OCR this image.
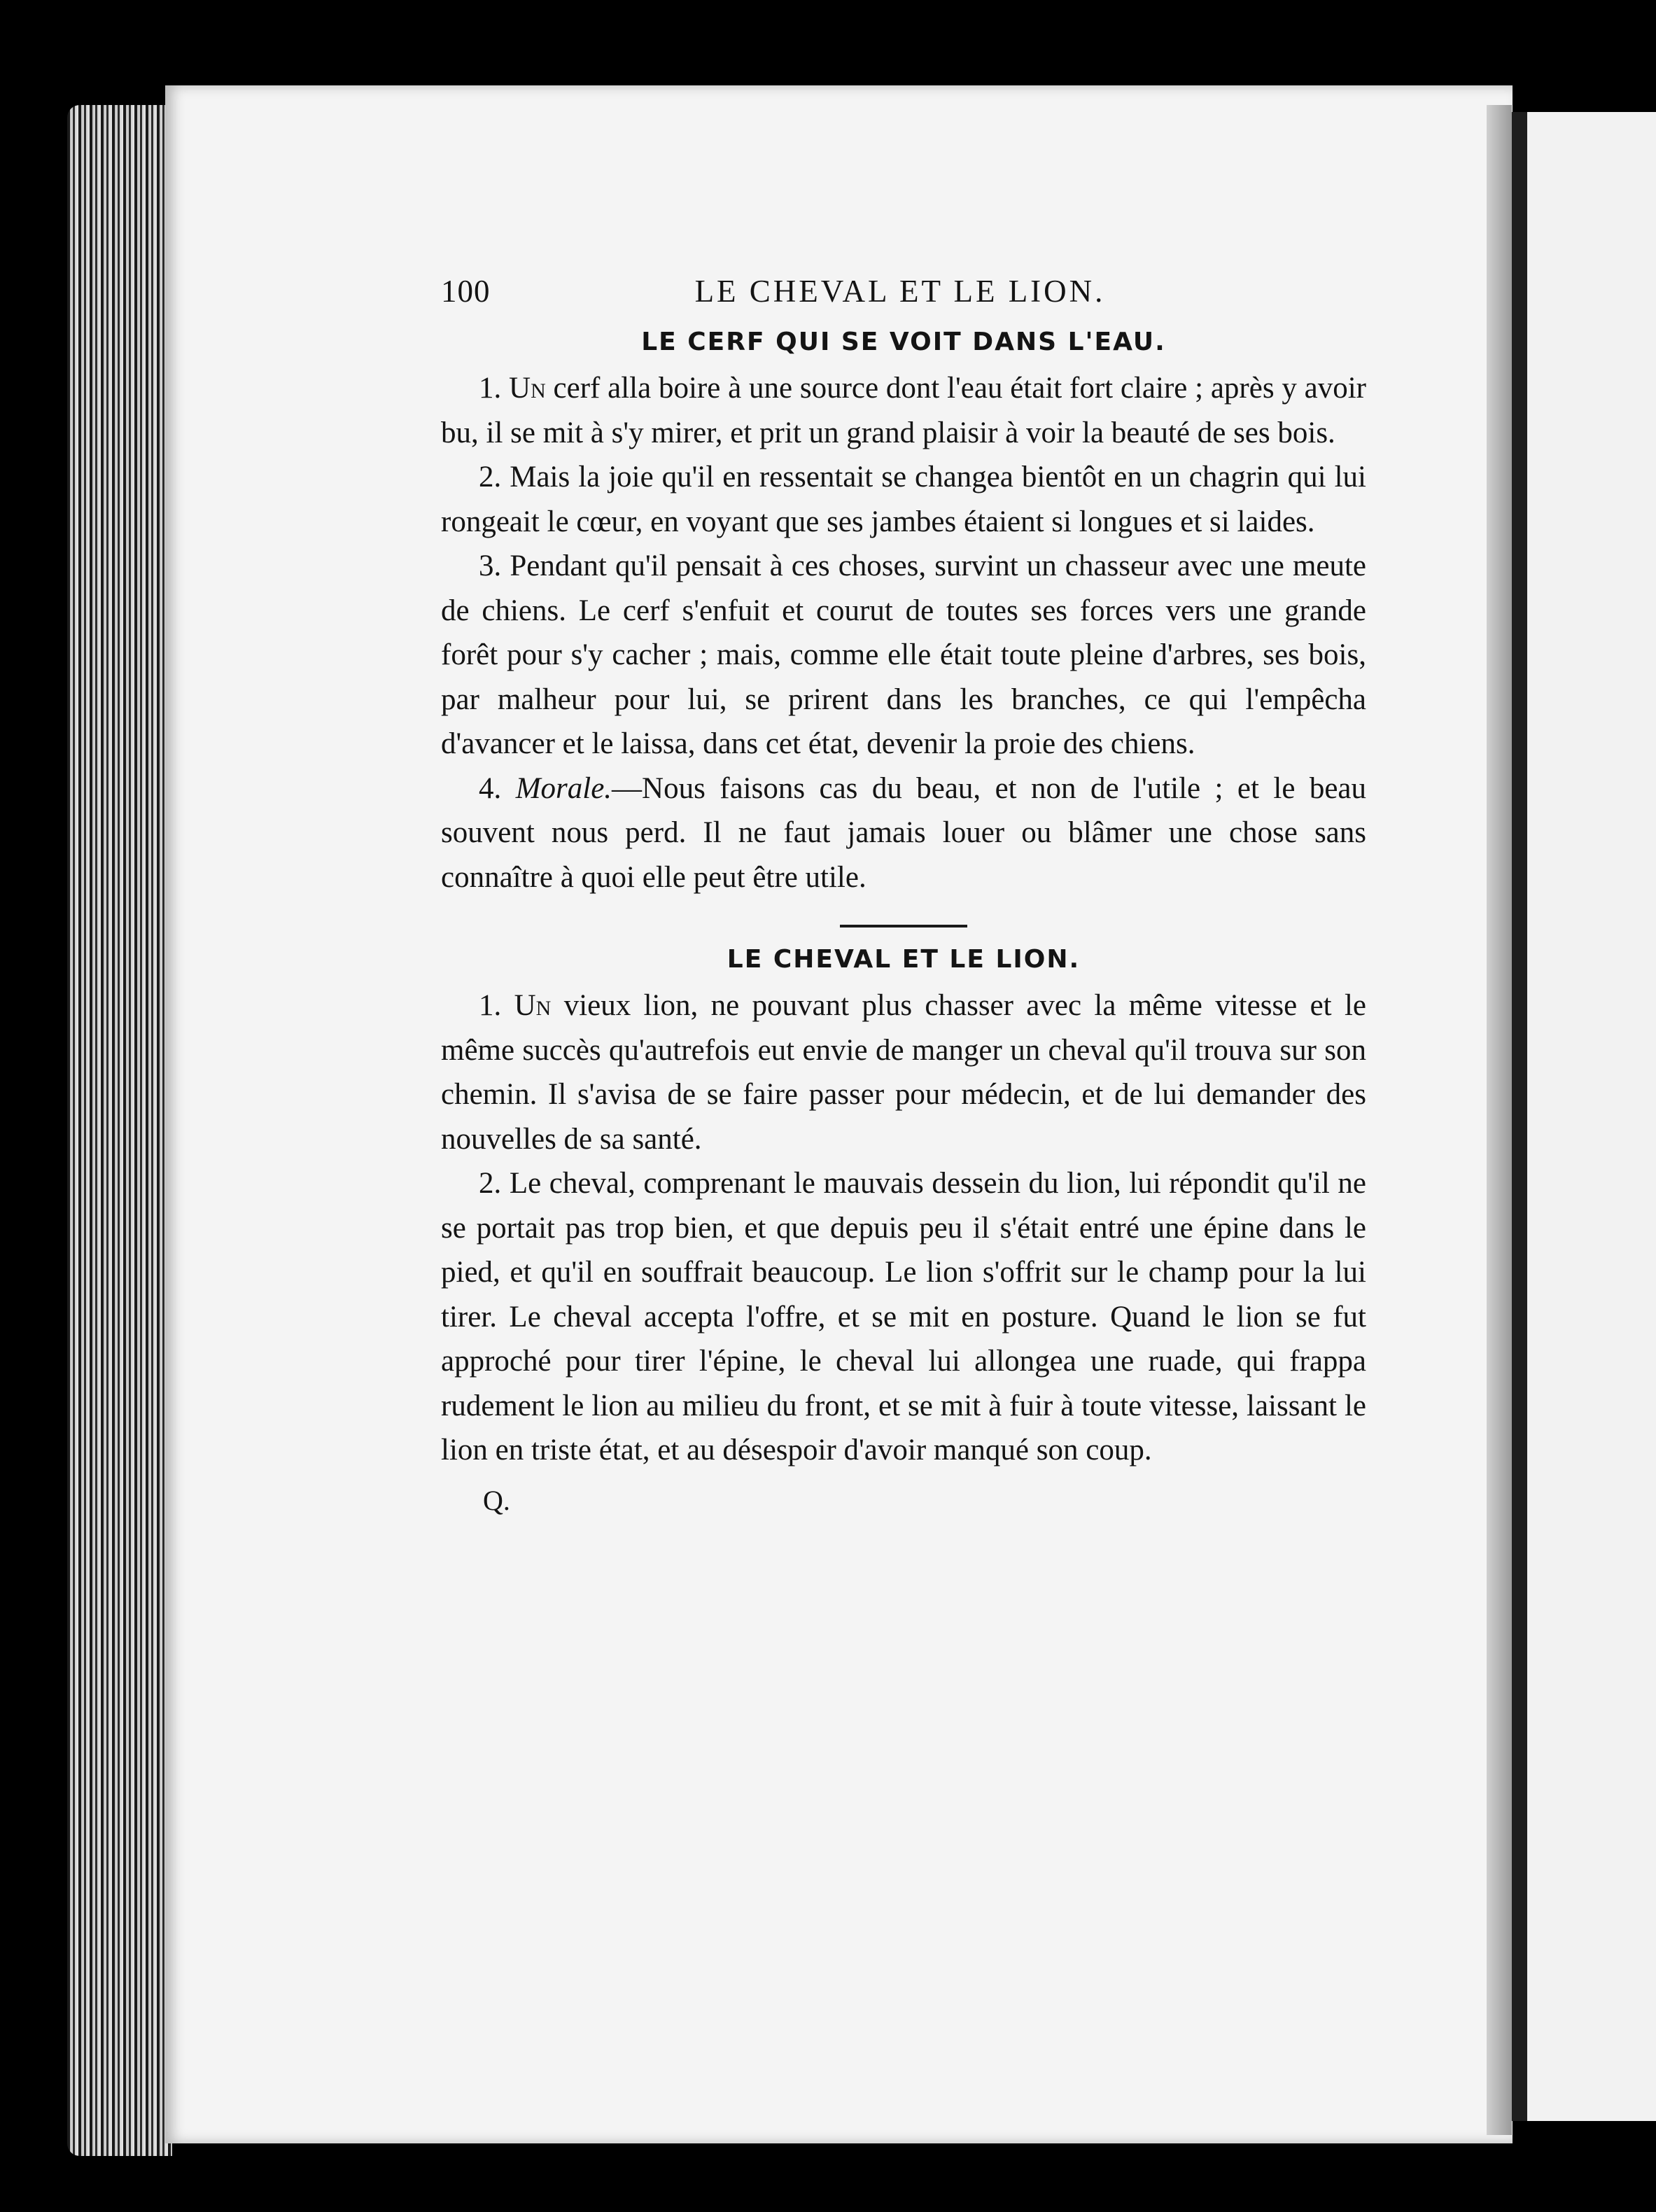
100	LE CHEVAL ET LE LION.
LE CERF QUI SE VOIT DANS L'EAU.

1. Un cerf alla boire à une source dont l'eau était fort claire ; après y avoir bu, il se mit à s'y mirer, et prit un grand plaisir à voir la beauté de ses bois.

2. Mais la joie qu'il en ressentait se changea bientôt en un chagrin qui lui rongeait le cœur, en voyant que ses jambes étaient si longues et si laides.

3. Pendant qu'il pensait à ces choses, survint un chasseur avec une meute de chiens. Le cerf s'enfuit et courut de toutes ses forces vers une grande forêt pour s'y cacher ; mais, comme elle était toute pleine d'arbres, ses bois, par malheur pour lui, se prirent dans les branches, ce qui l'empêcha d'avancer et le laissa, dans cet état, devenir la proie des chiens.

4. Morale.—Nous faisons cas du beau, et non de l'utile ; et le beau souvent nous perd. Il ne faut jamais louer ou blâmer une chose sans connaître à quoi elle peut être utile.

LE CHEVAL ET LE LION.

1. Un vieux lion, ne pouvant plus chasser avec la même vitesse et le même succès qu'autrefois eut envie de manger un cheval qu'il trouva sur son chemin. Il s'avisa de se faire passer pour médecin, et de lui demander des nouvelles de sa santé.

2. Le cheval, comprenant le mauvais dessein du lion, lui répondit qu'il ne se portait pas trop bien, et que depuis peu il s'était entré une épine dans le pied, et qu'il en souffrait beaucoup. Le lion s'offrit sur le champ pour la lui tirer. Le cheval accepta l'offre, et se mit en posture. Quand le lion se fut approché pour tirer l'épine, le cheval lui allongea une ruade, qui frappa rudement le lion au milieu du front, et se mit à fuir à toute vitesse, laissant le lion en triste état, et au désespoir d'avoir manqué son coup.

Q.
